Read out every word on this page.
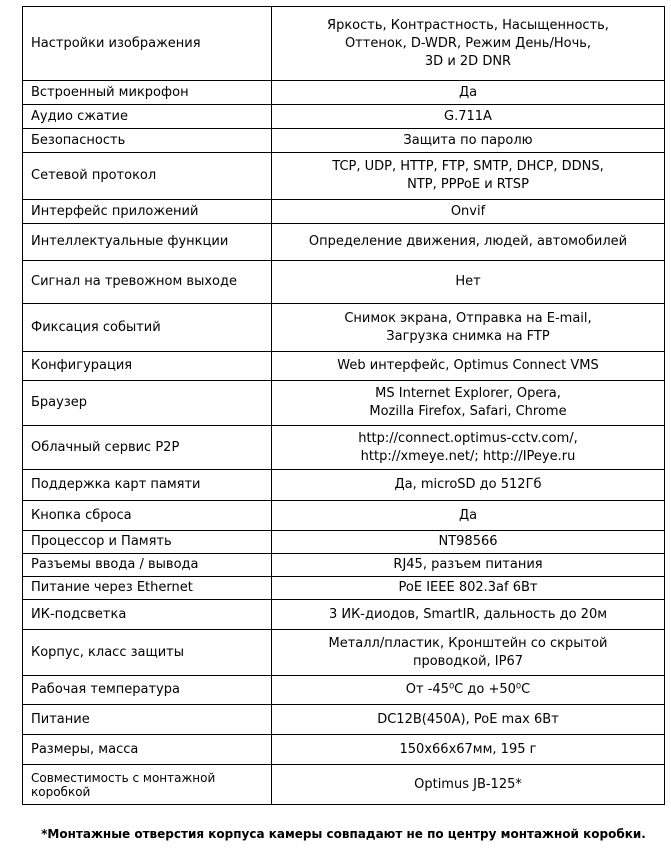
Настройки изображения	Яркость, Контрастность, Насыщенность,
Оттенок, D-WDR, Режим День/Ночь,
3D и 2D DNR
Встроенный микрофон	Да
Аудио сжатие	G.711A
Безопасность	Защита по паролю
Сетевой протокол	TCP, UDP, HTTP, FTP, SMTP, DHCP, DDNS,
NTP, PPPoE и RTSP
Интерфейс приложений	Onvif
Интеллектуальные функции	Определение движения, людей, автомобилей
Сигнал на тревожном выходе	Нет
Фиксация событий	Снимок экрана, Отправка на E-mail,
Загрузка снимка на FTP
Конфигурация	Web интерфейс, Optimus Connect VMS
Браузер	MS Internet Explorer, Opera,
Mozilla Firefox, Safari, Chrome
Облачный сервис P2P	http://connect.optimus-cctv.com/,
http://xmeye.net/; http://IPeye.ru
Поддержка карт памяти	Да, microSD до 512Гб
Кнопка сброса	Да
Процессор и Память	NT98566
Разъемы ввода / вывода	RJ45, разъем питания
Питание через Ethernet	PoE IEEE 802.3af 6Вт
ИК-подсветка	3 ИК-диодов, SmartIR, дальность до 20м
Корпус, класс защиты	Металл/пластик, Кронштейн со скрытой
проводкой, IP67
Рабочая температура	От -45⁰С до +50⁰С
Питание	DC12В(450А), PoE max 6Вт
Размеры, масса	150х66х67мм, 195 г
Совместимость с монтажной коробкой	Optimus JB-125*
*Монтажные отверстия корпуса камеры совпадают не по центру монтажной коробки.
